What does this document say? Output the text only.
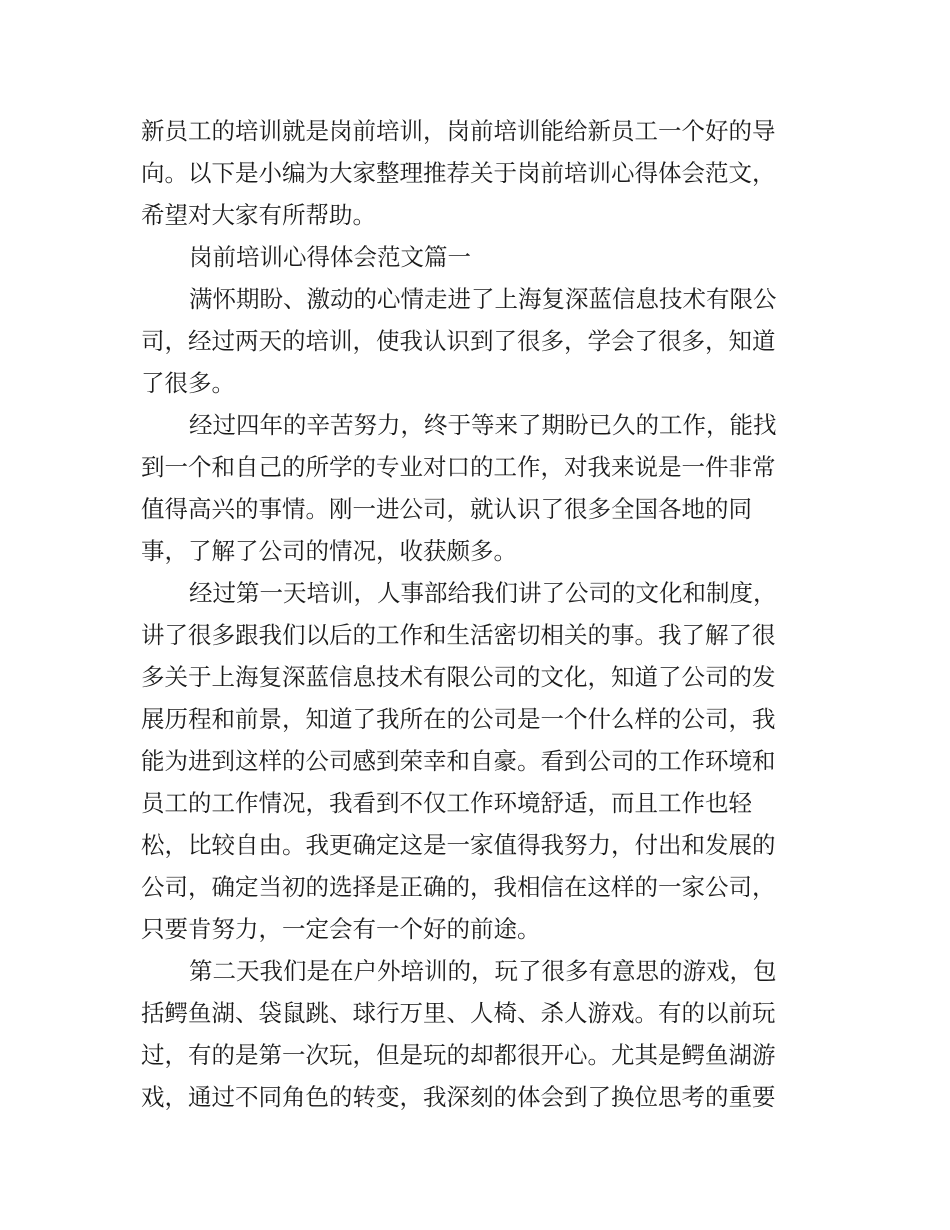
新员工的培训就是岗前培训，岗前培训能给新员工一个好的导
向。以下是小编为大家整理推荐关于岗前培训心得体会范文，
希望对大家有所帮助。
岗前培训心得体会范文篇一
满怀期盼、激动的心情走进了上海复深蓝信息技术有限公
司，经过两天的培训，使我认识到了很多，学会了很多，知道
了很多。
经过四年的辛苦努力，终于等来了期盼已久的工作，能找
到一个和自己的所学的专业对口的工作，对我来说是一件非常
值得高兴的事情。刚一进公司，就认识了很多全国各地的同
事，了解了公司的情况，收获颇多。
经过第一天培训，人事部给我们讲了公司的文化和制度，
讲了很多跟我们以后的工作和生活密切相关的事。我了解了很
多关于上海复深蓝信息技术有限公司的文化，知道了公司的发
展历程和前景，知道了我所在的公司是一个什么样的公司，我
能为进到这样的公司感到荣幸和自豪。看到公司的工作环境和
员工的工作情况，我看到不仅工作环境舒适，而且工作也轻
松，比较自由。我更确定这是一家值得我努力，付出和发展的
公司，确定当初的选择是正确的，我相信在这样的一家公司，
只要肯努力，一定会有一个好的前途。
第二天我们是在户外培训的，玩了很多有意思的游戏，包
括鳄鱼湖、袋鼠跳、球行万里、人椅、杀人游戏。有的以前玩
过，有的是第一次玩，但是玩的却都很开心。尤其是鳄鱼湖游
戏，通过不同角色的转变，我深刻的体会到了换位思考的重要
